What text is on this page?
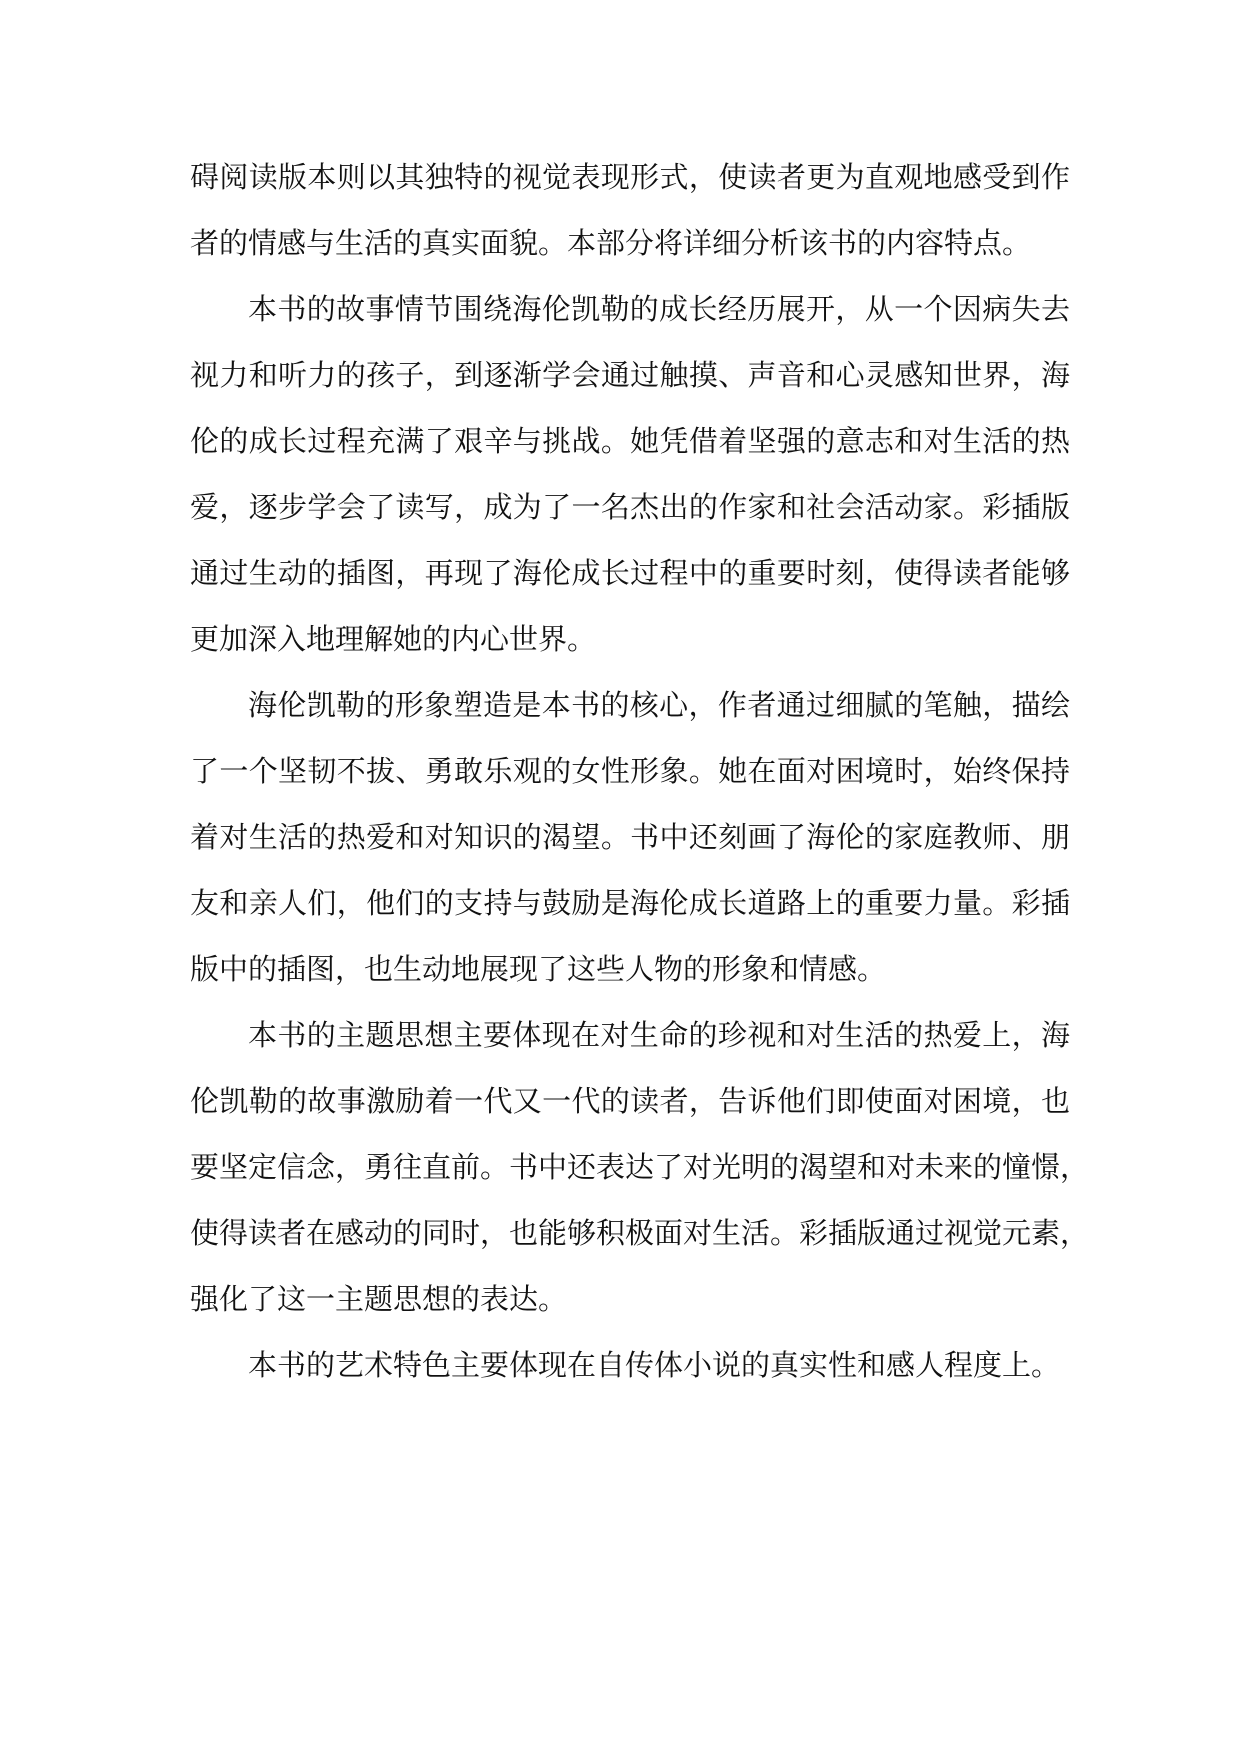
碍阅读版本则以其独特的视觉表现形式，使读者更为直观地感受到作
者的情感与生活的真实面貌。本部分将详细分析该书的内容特点。
本书的故事情节围绕海伦凯勒的成长经历展开，从一个因病失去
视力和听力的孩子，到逐渐学会通过触摸、声音和心灵感知世界，海
伦的成长过程充满了艰辛与挑战。她凭借着坚强的意志和对生活的热
爱，逐步学会了读写，成为了一名杰出的作家和社会活动家。彩插版
通过生动的插图，再现了海伦成长过程中的重要时刻，使得读者能够
更加深入地理解她的内心世界。
海伦凯勒的形象塑造是本书的核心，作者通过细腻的笔触，描绘
了一个坚韧不拔、勇敢乐观的女性形象。她在面对困境时，始终保持
着对生活的热爱和对知识的渴望。书中还刻画了海伦的家庭教师、朋
友和亲人们，他们的支持与鼓励是海伦成长道路上的重要力量。彩插
版中的插图，也生动地展现了这些人物的形象和情感。
本书的主题思想主要体现在对生命的珍视和对生活的热爱上，海
伦凯勒的故事激励着一代又一代的读者，告诉他们即使面对困境，也
要坚定信念，勇往直前。书中还表达了对光明的渴望和对未来的憧憬，
使得读者在感动的同时，也能够积极面对生活。彩插版通过视觉元素，
强化了这一主题思想的表达。
本书的艺术特色主要体现在自传体小说的真实性和感人程度上。
